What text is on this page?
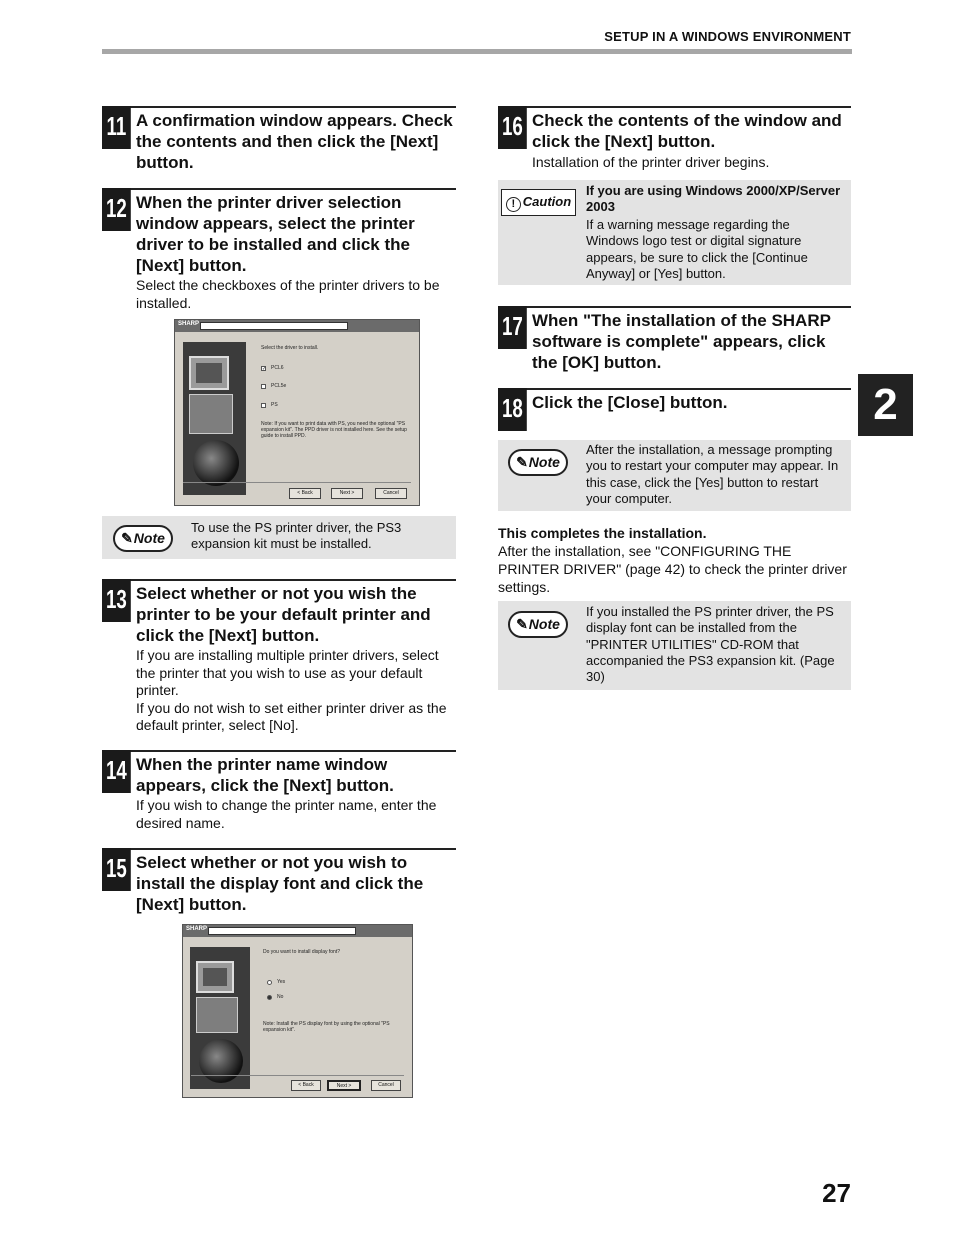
SETUP IN A WINDOWS ENVIRONMENT
11 A confirmation window appears. Check the contents and then click the [Next] button.
12 When the printer driver selection window appears, select the printer driver to be installed and click the [Next] button.
Select the checkboxes of the printer drivers to be installed.
SHARP
Select the driver to install.
✓ PCL6
PCL5e
PS
Note: If you want to print data with PS, you need the optional "PS expansion kit". The PPD driver is not installed here. See the setup guide to install PPD.
< Back	Next >	Cancel
✎Note
To use the PS printer driver, the PS3 expansion kit must be installed.
13 Select whether or not you wish the printer to be your default printer and click the [Next] button.
If you are installing multiple printer drivers, select the printer that you wish to use as your default printer.
If you do not wish to set either printer driver as the default printer, select [No].
14 When the printer name window appears, click the [Next] button.
If you wish to change the printer name, enter the desired name.
15 Select whether or not you wish to install the display font and click the [Next] button.
SHARP
Do you want to install display font?
Yes
No
Note: Install the PS display font by using the optional "PS expansion kit".
< Back	Next >	Cancel
16 Check the contents of the window and click the [Next] button.
Installation of the printer driver begins.
! Caution
If you are using Windows 2000/XP/Server 2003
If a warning message regarding the Windows logo test or digital signature appears, be sure to click the [Continue Anyway] or [Yes] button.
17 When "The installation of the SHARP software is complete" appears, click the [OK] button.
18 Click the [Close] button.
✎Note
After the installation, a message prompting you to restart your computer may appear. In this case, click the [Yes] button to restart your computer.
This completes the installation.
After the installation, see "CONFIGURING THE PRINTER DRIVER" (page 42) to check the printer driver settings.
✎Note
If you installed the PS printer driver, the PS display font can be installed from the "PRINTER UTILITIES" CD-ROM that accompanied the PS3 expansion kit. (Page 30)
2
27
